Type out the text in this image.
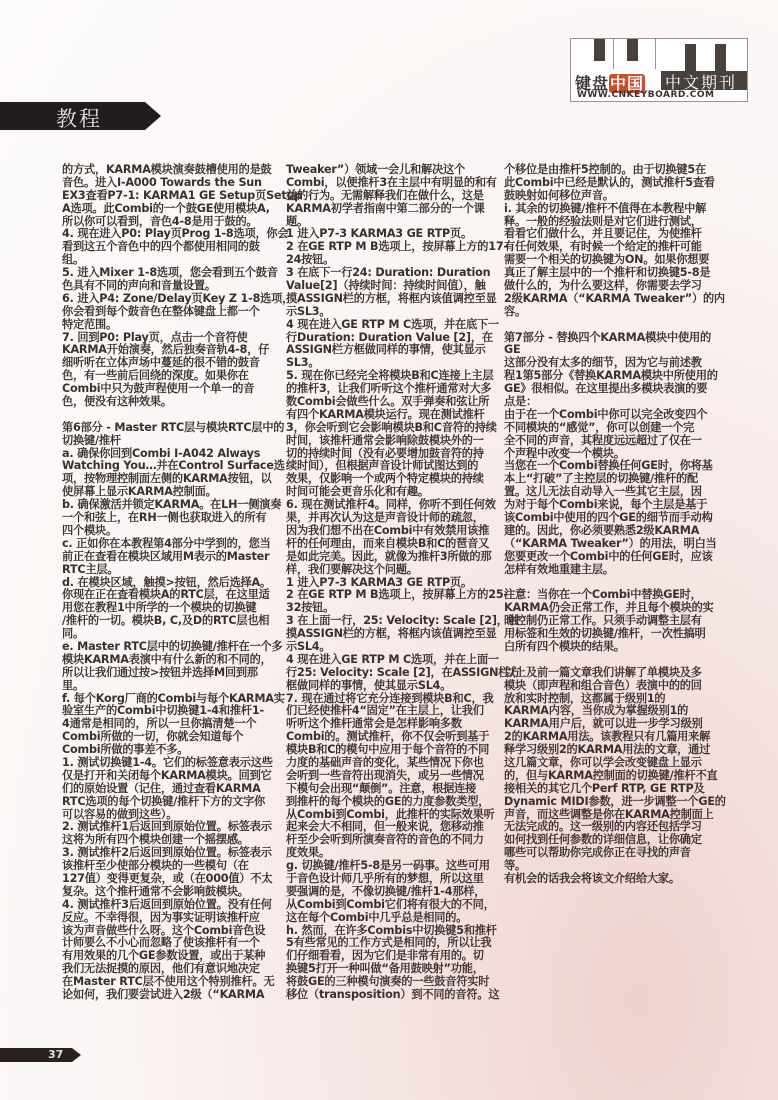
键盘中国 中文期刊
WWW.CNKEYBOARD.COM
教程
的方式，KARMA模块演奏鼓槽使用的是鼓
音色。进入I-A000 Towards the Sun
EX3查看P7-1: KARMA1 GE Setup页Setup
A选项。此Combi的一个鼓GE使用模块A,
所以你可以看到，音色4-8是用于鼓的。
4. 现在进入P0: Play页Prog 1-8选项，你会
看到这五个音色中的四个都使用相同的鼓
组。
5. 进入Mixer 1-8选项，您会看到五个鼓音
色具有不同的声向和音量设置。
6. 进入P4: Zone/Delay页Key Z 1-8选项，
你会看到每个鼓音色在整体键盘上都一个
特定范围。
7. 回到P0: Play页，点击一个音符使
KARMA开始演奏，然后独奏音轨4-8，仔
细听听在立体声场中蔓延的很不错的鼓音
色，有一些前后回绕的深度。如果你在
Combi中只为鼓声程使用一个单一的音
色，便没有这种效果。
第6部分 - Master RTC层与模块RTC层中的
切换键/推杆
a. 确保你回到Combi I-A042 Always
Watching You…并在Control Surface选
项，按物理控制面左侧的KARMA按钮，以
使屏幕上显示KARMA控制面。
b. 确保激活并锁定KARMA。在LH一侧演奏
一个和弦上，在RH一侧也获取进入的所有
四个模块。
c. 正如你在本教程第4部分中学到的，您当
前正在查看在模块区域用M表示的Master
RTC主层。
d. 在模块区域，触摸>按钮，然后选择A。
你现在正在查看模块A的RTC层，在这里适
用您在教程1中所学的一个模块的切换键
/推杆的一切。模块B, C,及D的RTC层也相
同。
e. Master RTC层中的切换键/推杆在一个多
模块KARMA表演中有什么新的和不同的，
所以让我们通过按>按钮并选择M回到那
里。
f. 每个Korg厂商的Combi与每个KARMA实
验室生产的Combi中切换键1-4和推杆1-
4通常是相同的，所以一旦你搞清楚一个
Combi所做的一切，你就会知道每个
Combi所做的事差不多。
1. 测试切换键1-4。它们的标签意表示这些
仅是打开和关闭每个KARMA模块。回到它
们的原始设置（记住，通过查看KARMA
RTC选项的每个切换键/推杆下方的文字你
可以容易的做到这些）。
2. 测试推杆1后返回到原始位置。标签表示
这将为所有四个模块创建一个摇摆感。
3. 测试推杆2后返回到原始位置。标签表示
该推杆至少使部分模块的一些模句（在
127值）变得更复杂，或（在000值）不太
复杂。这个推杆通常不会影响鼓模块。
4. 测试推杆3后返回到原始位置。没有任何
反应。不幸得很，因为事实证明该推杆应
该为声音做些什么呀。这个Combi音色设
计师要么不小心而忽略了使该推杆有一个
有用效果的几个GE参数设置，或出于某种
我们无法捉摸的原因，他们有意识地决定
在Master RTC层不使用这个特别推杆。无
论如何，我们要尝试进入2级（“KARMA
Tweaker”）领域一会儿和解决这个
Combi，以便推杆3在主层中有明显的和有
益的行为。无需解释我们在做什么，这是
KARMA初学者指南中第二部分的一个课
题。
1 进入P7-3 KARMA3 GE RTP页。
2 在GE RTP M B选项上，按屏幕上方的17-
24按钮。
3 在底下一行24: Duration: Duration
Value[2]（持续时间：持续时间值），触
摸ASSIGN栏的方框，将框内该值调控至显
示SL3。
4 现在进入GE RTP M C选项，并在底下一
行Duration: Duration Value [2]，在
ASSIGN栏方框做同样的事情，使其显示
SL3。
5. 现在你已经完全将模块B和C连接上主层
的推杆3，让我们听听这个推杆通常对大多
数Combi会做些什么。双手弹奏和弦让所
有四个KARMA模块运行。现在测试推杆
3，你会听到它会影响模块B和C音符的持续
时间，该推杆通常会影响除鼓模块外的一
切的持续时间（没有必要增加鼓音符的持
续时间），但根据声音设计师试图达到的
效果，仅影响一个或两个特定模块的持续
时间可能会更音乐化和有趣。
6. 现在测试推杆4。同样，你听不到任何效
果，并再次认为这是声音设计师的疏忽，
因为我们想不出在Combi中有效禁用该推
杆的任何理由，而来自模块B和C的琶音又
是如此完美。因此，就像为推杆3所做的那
样，我们要解决这个问题。
1 进入P7-3 KARMA3 GE RTP页。
2 在GE RTP M B选项上，按屏幕上方的25-
32按钮。
3 在上面一行，25: Velocity: Scale [2]，触
摸ASSIGN栏的方框，将框内该值调控至显
示SL4。
4 现在进入GE RTP M C选项，并在上面一
行25: Velocity: Scale [2]，在ASSIGN栏方
框做同样的事情，使其显示SL4。
7. 现在通过将它充分连接到模块B和C，我
们已经使推杆4“固定”在主层上，让我们
听听这个推杆通常会是怎样影响多数
Combi的。测试推杆，你不仅会听到基于
模块B和C的模句中应用于每个音符的不同
力度的基础声音的变化，某些情况下你也
会听到一些音符出现消失，或另一些情况
下模句会出现“颠倒”。注意，根据连接
到推杆的每个模块的GE的力度参数类型，
从Combi到Combi，此推杆的实际效果听
起来会大不相同，但一般来说，您移动推
杆至少会听到所演奏音符的音色的不同力
度效果。
g. 切换键/推杆5-8是另一码事。这些可用
于音色设计师几乎所有的梦想，所以这里
要强调的是，不像切换键/推杆1-4那样，
从Combi到Combi它们将有很大的不同，
这在每个Combi中几乎总是相同的。
h. 然而，在许多Combis中切换键5和推杆
5有些常见的工作方式是相同的，所以让我
们仔细看看，因为它们是非常有用的。切
换键5打开一种叫做“备用鼓映射”功能，
将鼓GE的三种模句演奏的一些鼓音符实时
移位（transposition）到不同的音符。这
个移位是由推杆5控制的。由于切换键5在
此Combi中已经是默认的，测试推杆5查看
鼓映射如何移位声音。
i. 其余的切换键/推杆不值得在本教程中解
释。一般的经验法则是对它们进行测试，
看看它们做什么，并且要记住，为使推杆
有任何效果，有时候一个给定的推杆可能
需要一个相关的切换键为ON。如果你想要
真正了解主层中的一个推杆和切换键5-8是
做什么的，为什么要这样，你需要去学习
2级KARMA（“KARMA Tweaker”）的内
容。
第7部分 - 替换四个KARMA模块中使用的
GE
这部分没有太多的细节，因为它与前述教
程1第5部分《替换KARMA模块中所使用的
GE》很相似。在这里提出多模块表演的要
点是：
由于在一个Combi中你可以完全改变四个
不同模块的“感觉”，你可以创建一个完
全不同的声音，其程度远远超过了仅在一
个声程中改变一个模块。
当您在一个Combi替换任何GE时，你将基
本上“打破”了主控层的切换键/推杆的配
置。这儿无法自动导入一些其它主层，因
为对于每个Combi来说，每个主层是基于
该Combi中使用的四个GE的细节而手动构
建的。因此，你必须要熟悉2级KARMA
（“KARMA Tweaker”）的用法，明白当
您要更改一个Combi中的任何GE时，应该
怎样有效地重建主层。
注意：当你在一个Combi中替换GE时，
KARMA仍会正常工作，并且每个模块的实
时控制仍正常工作。只须手动调整主层有
用标签和生效的切换键/推杆，一次性搞明
白所有四个模块的结果。
以上及前一篇文章我们讲解了单模块及多
模块（即声程和组合音色）表演中的的回
放和实时控制，这都属于级别1的
KARMA内容，当你成为掌握级别1的
KARMA用户后，就可以进一步学习级别
2的KARMA用法。该教程只有几篇用来解
释学习级别2的KARMA用法的文章，通过
这几篇文章，你可以学会改变键盘上显示
的，但与KARMA控制面的切换键/推杆不直
接相关的其它几个Perf RTP, GE RTP及
Dynamic MIDI参数，进一步调整一个GE的
声音，而这些调整是你在KARMA控制面上
无法完成的。这一级别的内容还包括学习
如何找到任何参数的详细信息，让你确定
哪些可以帮助你完成你正在寻找的声音
等。
有机会的话我会将该文介绍给大家。
37
